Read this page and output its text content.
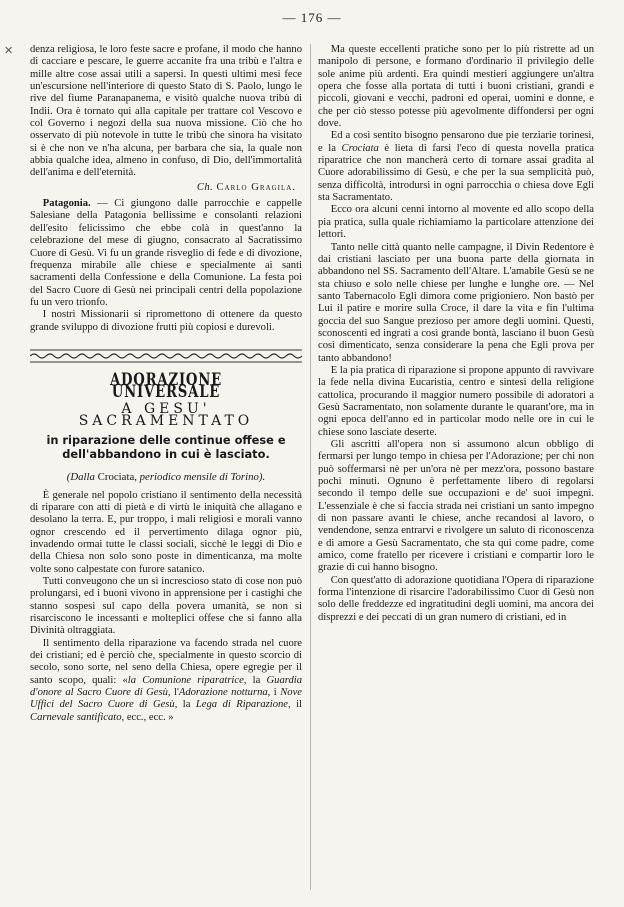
— 176 —
✕ denza religiosa, le loro feste sacre e profane, il modo che hanno di cacciare e pescare, le guerre accanite fra una tribù e l'altra e mille altre cose assai utili a sapersi. In questi ultimi mesi fece un'escursione nell'interiore di questo Stato di S. Paolo, lungo le rive del fiume Paranapanema, e visitò qualche nuova tribù di Indii. Ora è tornato qui alla capitale per trattare col Vescovo e col Governo i negozi della sua nuova missione. Ciò che ho osservato di più notevole in tutte le tribù che sinora ha visitato si è che non ve n'ha alcuna, per barbara che sia, la quale non abbia qualche idea, almeno in confuso, di Dio, dell'immortalità dell'anima e dell'eternità.

Ch. Carlo Gragila.

Patagonia. — Ci giungono dalle parrocchie e cappelle Salesiane della Patagonia bellissime e consolanti relazioni dell'esito felicissimo che ebbe colà in quest'anno la celebrazione del mese di giugno, consacrato al Sacratissimo Cuore di Gesù. Vi fu un grande risveglio di fede e di divozione, frequenza mirabile alle chiese e specialmente ai santi sacramenti della Confessione e della Comunione. La festa poi del Sacro Cuore di Gesù nei principali centri della popolazione fu un vero trionfo.

I nostri Missionarii si ripromettono di ottenere da questo grande sviluppo di divozione frutti più copiosi e durevoli.

ADORAZIONE UNIVERSALE
A GESU' SACRAMENTATO
in riparazione delle continue offese e dell'abbandono in cui è lasciato.
(Dalla Crociata, periodico mensile di Torino).

È generale nel popolo cristiano il sentimento della necessità di riparare con atti di pietà e di virtù le iniquità che allagano e desolano la terra. E, pur troppo, i mali religiosi e morali vanno ognor crescendo ed il pervertimento dilaga ognor più, invadendo ormai tutte le classi sociali, sicchè le leggi di Dio e della Chiesa non solo sono poste in dimenticanza, ma molte volte sono calpestate con furore satanico.

Tutti conveugono che un sì increscioso stato di cose non può prolungarsi, ed i buoni vivono in apprensione per i castighi che stanno sospesi sul capo della povera umanità, se non si risarciscono le incessanti e molteplici offese che si fanno alla Divinità oltraggiata.

Il sentimento della riparazione va facendo strada nel cuore dei cristiani; ed è perciò che, specialmente in questo scorcio di secolo, sono sorte, nel seno della Chiesa, opere egregie per il santo scopo, quali: «la Comunione riparatrice, la Guardia d'onore al Sacro Cuore di Gesù, l'Adorazione notturna, i Nove Uffici del Sacro Cuore di Gesù, la Lega di Riparazione, il Carnevale santificato, ecc., ecc. »

Ma queste eccellenti pratiche sono per lo più ristrette ad un manipolo di persone, e formano d'ordinario il privilegio delle sole anime più ardenti. Era quindi mestieri aggiungere un'altra opera che fosse alla portata di tutti i buoni cristiani, grandi e piccoli, giovani e vecchi, padroni ed operai, uomini e donne, e che per ciò stesso potesse più agevolmente diffondersi per ogni dove.

Ed a così sentito bisogno pensarono due pie terziarie torinesi, e la Crociata è lieta di farsi l'eco di questa novella pratica riparatrice che non mancherà certo di tornare assai gradita al Cuore adorabilissimo di Gesù, e che per la sua semplicità può, senza difficoltà, introdursi in ogni parrocchia o chiesa dove Egli sta Sacramentato.

Ecco ora alcuni cenni intorno al movente ed allo scopo della pia pratica, sulla quale richiamiamo la particolare attenzione dei lettori.

Tanto nelle città quanto nelle campagne, il Divin Redentore è dai cristiani lasciato per una buona parte della giornata in abbandono nel SS. Sacramento dell'Altare. L'amabile Gesù se ne sta chiuso e solo nelle chiese per lunghe e lunghe ore. — Nel santo Tabernacolo Egli dimora come prigioniero. Non bastò per Lui il patire e morire sulla Croce, il dare la vita e fin l'ultima goccia del suo Sangue prezioso per amore degli uomini. Questi, sconoscenti ed ingrati a così grande bontà, lasciano il buon Gesù così dimenticato, senza considerare la pena che Egli prova per tanto abbandono!

E la pia pratica di riparazione si propone appunto di ravvivare la fede nella divina Eucaristia, centro e sintesi della religione cattolica, procurando il maggior numero possibile di adoratori a Gesù Sacramentato, non solamente durante le quarant'ore, ma in ogni epoca dell'anno ed in particolar modo nelle ore in cui le chiese sono lasciate deserte.

Gli ascritti all'opera non si assumono alcun obbligo di fermarsi per lungo tempo in chiesa per l'Adorazione; per chi non può soffermarsi nè per un'ora nè per mezz'ora, possono bastare pochi minuti. Ognuno è perfettamente libero di regolarsi secondo il tempo delle sue occupazioni e de' suoi impegni. L'essenziale è che si faccia strada nei cristiani un santo impegno di non passare avanti le chiese, anche recandosi al lavoro, o vendendone, senza entrarvi e rivolgere un saluto di riconoscenza e di amore a Gesù Sacramentato, che sta qui come padre, come amico, come fratello per ricevere i cristiani e compartir loro le grazie di cui hanno bisogno.

Con quest'atto di adorazione quotidiana l'Opera di riparazione forma l'intenzione di risarcire l'adorabilissimo Cuor di Gesù non solo delle freddezze ed ingratitudini degli uomini, ma ancora dei disprezzi e dei peccati di un gran numero di cristiani, ed in
